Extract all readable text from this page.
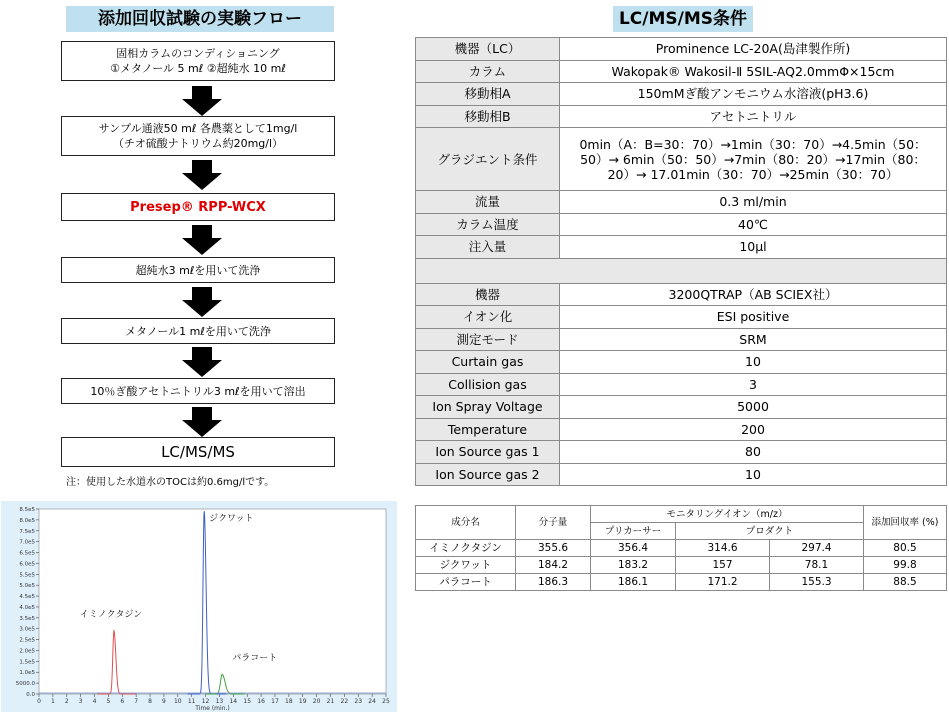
添加回収試験の実験フロー
固相カラムのコンディショニング
①メタノール 5 mℓ ②超純水 10 mℓ
サンプル通液50 mℓ 各農薬として1mg/l
（チオ硫酸ナトリウム約20mg/l）
Presep® RPP-WCX
超純水3 mℓを用いて洗浄
メタノール1 mℓを用いて洗浄
10％ぎ酸アセトニトリル3 mℓを用いて溶出
LC/MS/MS
注：使用した水道水のTOCは約0.6mg/lです。
LC/MS/MS条件
機器（LC）	Prominence LC-20A(島津製作所)
カラム	Wakopak® Wakosil-Ⅱ 5SIL-AQ2.0mmΦ×15cm
移動相A	150mMぎ酸アンモニウム水溶液(pH3.6)
移動相B	アセトニトリル
グラジエント条件	0min（A：B=30：70）→1min（30：70）→4.5min（50：50）→ 6min（50：50）→7min（80：20）→17min（80：20）→ 17.01min（30：70）→25min（30：70）
流量	0.3 ml/min
カラム温度	40℃
注入量	10μl

機器	3200QTRAP（AB SCIEX社）
イオン化	ESI positive
測定モード	SRM
Curtain gas	10
Collision gas	3
Ion Spray Voltage	5000
Temperature	200
Ion Source gas 1	80
Ion Source gas 2	10
成分名	分子量	モニタリングイオン（m/z）			添加回収率 (%)
		プリカーサー	プロダクト		
イミノクタジン	355.6	356.4	314.6	297.4	80.5
ジクワット	184.2	183.2	157	78.1	99.8
パラコート	186.3	186.1	171.2	155.3	88.5
0 1 2 3 4 5 6 7 8 9 10 11 12 13 14 15 16 17 18 19 20 21 22 23 24 25
Time (min.)
0.0
5000.0
1.0e5
1.5e5
2.0e5
2.5e5
3.0e5
3.5e5
4.0e5
4.5e5
5.0e5
5.5e5
6.0e5
6.5e5
7.0e5
7.5e5
8.0e5
8.5e5
イミノクタジン
ジクワット
パラコート
